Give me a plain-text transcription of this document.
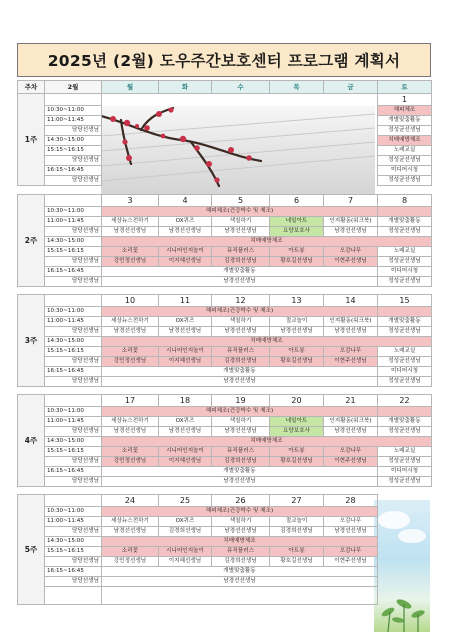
2025년 (2월) 도우주간보호센터 프로그램 계획서
주차	2월	월	화	수	목	금	토
1주							1
	10:30~11:00						해피체조
	11:00~11:45						개별맞춤활동
	담당선생님						정성균선생님
	14:30~15:00						치매예방체조
	15:15~16:15						노래교실
	담당선생님						정성균선생님
	16:15~16:45						미디어시청
	담당선생님						정성균선생님
2주		3	4	5	6	7	8
	10:30~11:00	해피체조(건강박수 및 체조)					
	11:00~11:45	세상뉴스전하기	OX퀴즈	색칠하기	네일아트	인지활동(워크북)	개별맞춤활동
	담당선생님	남경선선생님	남경선선생님	남경선선생님	요양보호사	남경선선생님	정성균선생님
	14:30~15:00	치매예방체조					
	15:15~16:15	소리꽃	시니어인지놀이	뮤직플러스	아트봉	오감나무	노래교실
	담당선생님	강민정선생님	이지혜선생님	김경희선생님	황호길선생님	이현주선생님	정성균선생님
	16:15~16:45	개별맞춤활동					미디어시청
	담당선생님	남경선선생님					정성균선생님
3주		10	11	12	13	14	15
	10:30~11:00	해피체조(건강박수 및 체조)					
	11:00~11:45	세상뉴스전하기	OX퀴즈	색칠하기	절교놀이	인지활동(워크북)	개별맞춤활동
	담당선생님	남경선선생님	남경선선생님	남경선선생님	남경선선생님	남경선선생님	정성균선생님
	14:30~15:00	치매예방체조					
	15:15~16:15	소리꽃	시니어인지놀이	뮤직플러스	아트봉	오감나무	노래교실
	담당선생님	강민정선생님	이지혜선생님	김경희선생님	황호길선생님	이현주선생님	정성균선생님
	16:15~16:45	개별맞춤활동					미디어시청
	담당선생님	남경선선생님					정성균선생님
4주		17	18	19	20	21	22
	10:30~11:00	해피체조(건강박수 및 체조)					
	11:00~11:45	세상뉴스전하기	OX퀴즈	색칠하기	네일아트	인지활동(워크북)	개별맞춤활동
	담당선생님	남경선선생님	남경선선생님	남경선선생님	요양보호사	남경선선생님	정성균선생님
	14:30~15:00	치매예방체조					
	15:15~16:15	소리꽃	시니어인지놀이	뮤직플러스	아트봉	오감나무	노래교실
	담당선생님	강민정선생님	이지혜선생님	김경희선생님	황호길선생님	이현주선생님	정성균선생님
	16:15~16:45	개별맞춤활동					미디어시청
	담당선생님	남경선선생님					정성균선생님
5주		24	25	26	27	28	
	10:30~11:00	해피체조(건강박수 및 체조)					
	11:00~11:45	세상뉴스전하기	OX퀴즈	색칠하기	절교놀이	오감나무	
	담당선생님	남경선선생님	김경희선생님	남경선선생님	김경희선생님	남경선선생님	
	14:30~15:00	치매예방체조					
	15:15~16:15	소리꽃	시니어인지놀이	뮤직플러스	아트봉	오감나무	
	담당선생님	강민정선생님	이지혜선생님	김경희선생님	황호길선생님	이현주선생님	
	16:15~16:45	개별맞춤활동					
	담당선생님	남경선선생님					
